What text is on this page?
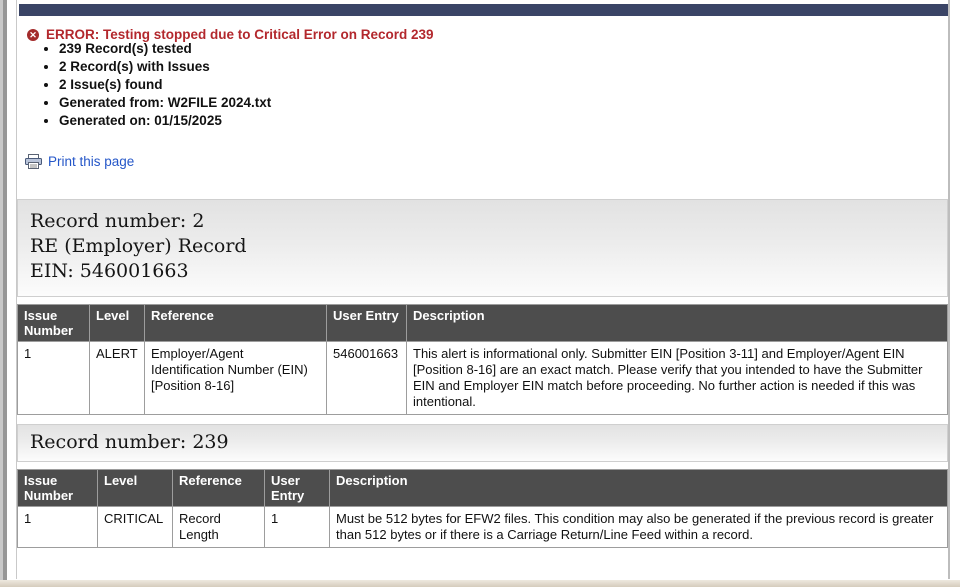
✕ ERROR: Testing stopped due to Critical Error on Record 239
• 239 Record(s) tested
• 2 Record(s) with Issues
• 2 Issue(s) found
• Generated from: W2FILE 2024.txt
• Generated on: 01/15/2025
Print this page
Record number: 2
RE (Employer) Record
EIN: 546001663
Issue Number	Level	Reference	User Entry	Description
1	ALERT	Employer/Agent Identification Number (EIN) [Position 8-16]	546001663	This alert is informational only. Submitter EIN [Position 3-11] and Employer/Agent EIN [Position 8-16] are an exact match. Please verify that you intended to have the Submitter EIN and Employer EIN match before proceeding. No further action is needed if this was intentional.
Record number: 239
Issue Number	Level	Reference	User Entry	Description
1	CRITICAL	Record Length	1	Must be 512 bytes for EFW2 files. This condition may also be generated if the previous record is greater than 512 bytes or if there is a Carriage Return/Line Feed within a record.
